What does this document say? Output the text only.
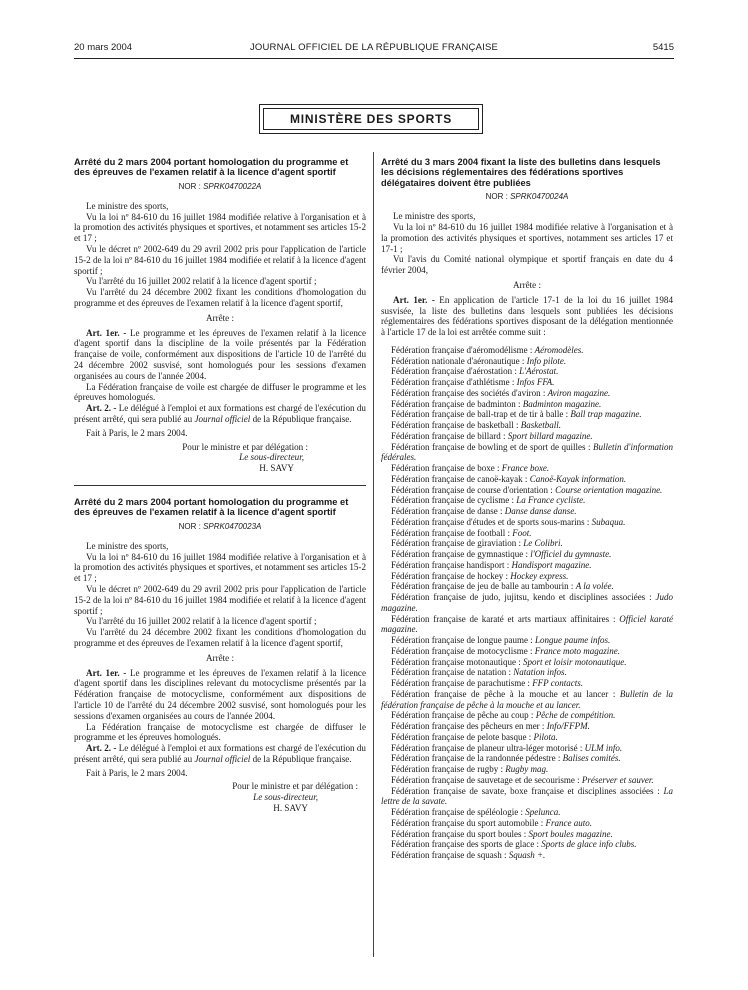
20 mars 2004	JOURNAL OFFICIEL DE LA RÉPUBLIQUE FRANÇAISE	5415
MINISTÈRE DES SPORTS

Arrêté du 2 mars 2004 portant homologation du programme et des épreuves de l'examen relatif à la licence d'agent sportif

NOR : SPRK0470022A

Le ministre des sports,

Vu la loi nº 84-610 du 16 juillet 1984 modifiée relative à l'organisation et à la promotion des activités physiques et sportives, et notamment ses articles 15-2 et 17 ;

Vu le décret nº 2002-649 du 29 avril 2002 pris pour l'application de l'article 15-2 de la loi nº 84-610 du 16 juillet 1984 modifiée et relatif à la licence d'agent sportif ;

Vu l'arrêté du 16 juillet 2002 relatif à la licence d'agent sportif ;

Vu l'arrêté du 24 décembre 2002 fixant les conditions d'homologation du programme et des épreuves de l'examen relatif à la licence d'agent sportif,

Arrête :

Art. 1er. - Le programme et les épreuves de l'examen relatif à la licence d'agent sportif dans la discipline de la voile présentés par la Fédération française de voile, conformément aux dispositions de l'article 10 de l'arrêté du 24 décembre 2002 susvisé, sont homologués pour les sessions d'examen organisées au cours de l'année 2004.

La Fédération française de voile est chargée de diffuser le programme et les épreuves homologués.

Art. 2. - Le délégué à l'emploi et aux formations est chargé de l'exécution du présent arrêté, qui sera publié au Journal officiel de la République française.

Fait à Paris, le 2 mars 2004.

Pour le ministre et par délégation :

Le sous-directeur,

H. SAVY

Arrêté du 2 mars 2004 portant homologation du programme et des épreuves de l'examen relatif à la licence d'agent sportif

NOR : SPRK0470023A

Le ministre des sports,

Vu la loi nº 84-610 du 16 juillet 1984 modifiée relative à l'organisation et à la promotion des activités physiques et sportives, et notamment ses articles 15-2 et 17 ;

Vu le décret nº 2002-649 du 29 avril 2002 pris pour l'application de l'article 15-2 de la loi nº 84-610 du 16 juillet 1984 modifiée et relatif à la licence d'agent sportif ;

Vu l'arrêté du 16 juillet 2002 relatif à la licence d'agent sportif ;

Vu l'arrêté du 24 décembre 2002 fixant les conditions d'homologation du programme et des épreuves de l'examen relatif à la licence d'agent sportif,

Arrête :

Art. 1er. - Le programme et les épreuves de l'examen relatif à la licence d'agent sportif dans les disciplines relevant du motocyclisme présentés par la Fédération française de motocyclisme, conformément aux dispositions de l'article 10 de l'arrêté du 24 décembre 2002 susvisé, sont homologués pour les sessions d'examen organisées au cours de l'année 2004.

La Fédération française de motocyclisme est chargée de diffuser le programme et les épreuves homologués.

Art. 2. - Le délégué à l'emploi et aux formations est chargé de l'exécution du présent arrêté, qui sera publié au Journal officiel de la République française.

Fait à Paris, le 2 mars 2004.

Pour le ministre et par délégation :

Le sous-directeur,

H. SAVY

Arrêté du 3 mars 2004 fixant la liste des bulletins dans lesquels les décisions réglementaires des fédérations sportives délégataires doivent être publiées

NOR : SPRK0470024A

Le ministre des sports,

Vu la loi nº 84-610 du 16 juillet 1984 modifiée relative à l'organisation et à la promotion des activités physiques et sportives, notamment ses articles 17 et 17-1 ;

Vu l'avis du Comité national olympique et sportif français en date du 4 février 2004,

Arrête :

Art. 1er. - En application de l'article 17-1 de la loi du 16 juillet 1984 susvisée, la liste des bulletins dans lesquels sont publiées les décisions réglementaires des fédérations sportives disposant de la délégation mentionnée à l'article 17 de la loi est arrêtée comme suit :

Fédération française d'aéromodélisme : Aéromodèles.

Fédération nationale d'aéronautique : Info pilote.

Fédération française d'aérostation : L'Aérostat.

Fédération française d'athlétisme : Infos FFA.

Fédération française des sociétés d'aviron : Aviron magazine.

Fédération française de badminton : Badminton magazine.

Fédération française de ball-trap et de tir à balle : Ball trap magazine.

Fédération française de basketball : Basketball.

Fédération française de billard : Sport billard magazine.

Fédération française de bowling et de sport de quilles : Bulletin d'information fédérales.

Fédération française de boxe : France boxe.

Fédération française de canoë-kayak : Canoë-Kayak information.

Fédération française de course d'orientation : Course orientation magazine.

Fédération française de cyclisme : La France cycliste.

Fédération française de danse : Danse danse danse.

Fédération française d'études et de sports sous-marins : Subaqua.

Fédération française de football : Foot.

Fédération française de giraviation : Le Colibri.

Fédération française de gymnastique : l'Officiel du gymnaste.

Fédération française handisport : Handisport magazine.

Fédération française de hockey : Hockey express.

Fédération française de jeu de balle au tambourin : A la volée.

Fédération française de judo, jujitsu, kendo et disciplines associées : Judo magazine.

Fédération française de karaté et arts martiaux affinitaires : Officiel karaté magazine.

Fédération française de longue paume : Longue paume infos.

Fédération française de motocyclisme : France moto magazine.

Fédération française motonautique : Sport et loisir motonautique.

Fédération française de natation : Natation infos.

Fédération française de parachutisme : FFP contacts.

Fédération française de pêche à la mouche et au lancer : Bulletin de la fédération française de pêche à la mouche et au lancer.

Fédération française de pêche au coup : Pêche de compétition.

Fédération française des pêcheurs en mer : Info/FFPM.

Fédération française de pelote basque : Pilota.

Fédération française de planeur ultra-léger motorisé : ULM info.

Fédération française de la randonnée pédestre : Balises comités.

Fédération française de rugby : Rugby mag.

Fédération française de sauvetage et de secourisme : Préserver et sauver.

Fédération française de savate, boxe française et disciplines associées : La lettre de la savate.

Fédération française de spéléologie : Spelunca.

Fédération française du sport automobile : France auto.

Fédération française du sport boules : Sport boules magazine.

Fédération française des sports de glace : Sports de glace info clubs.

Fédération française de squash : Squash +.
